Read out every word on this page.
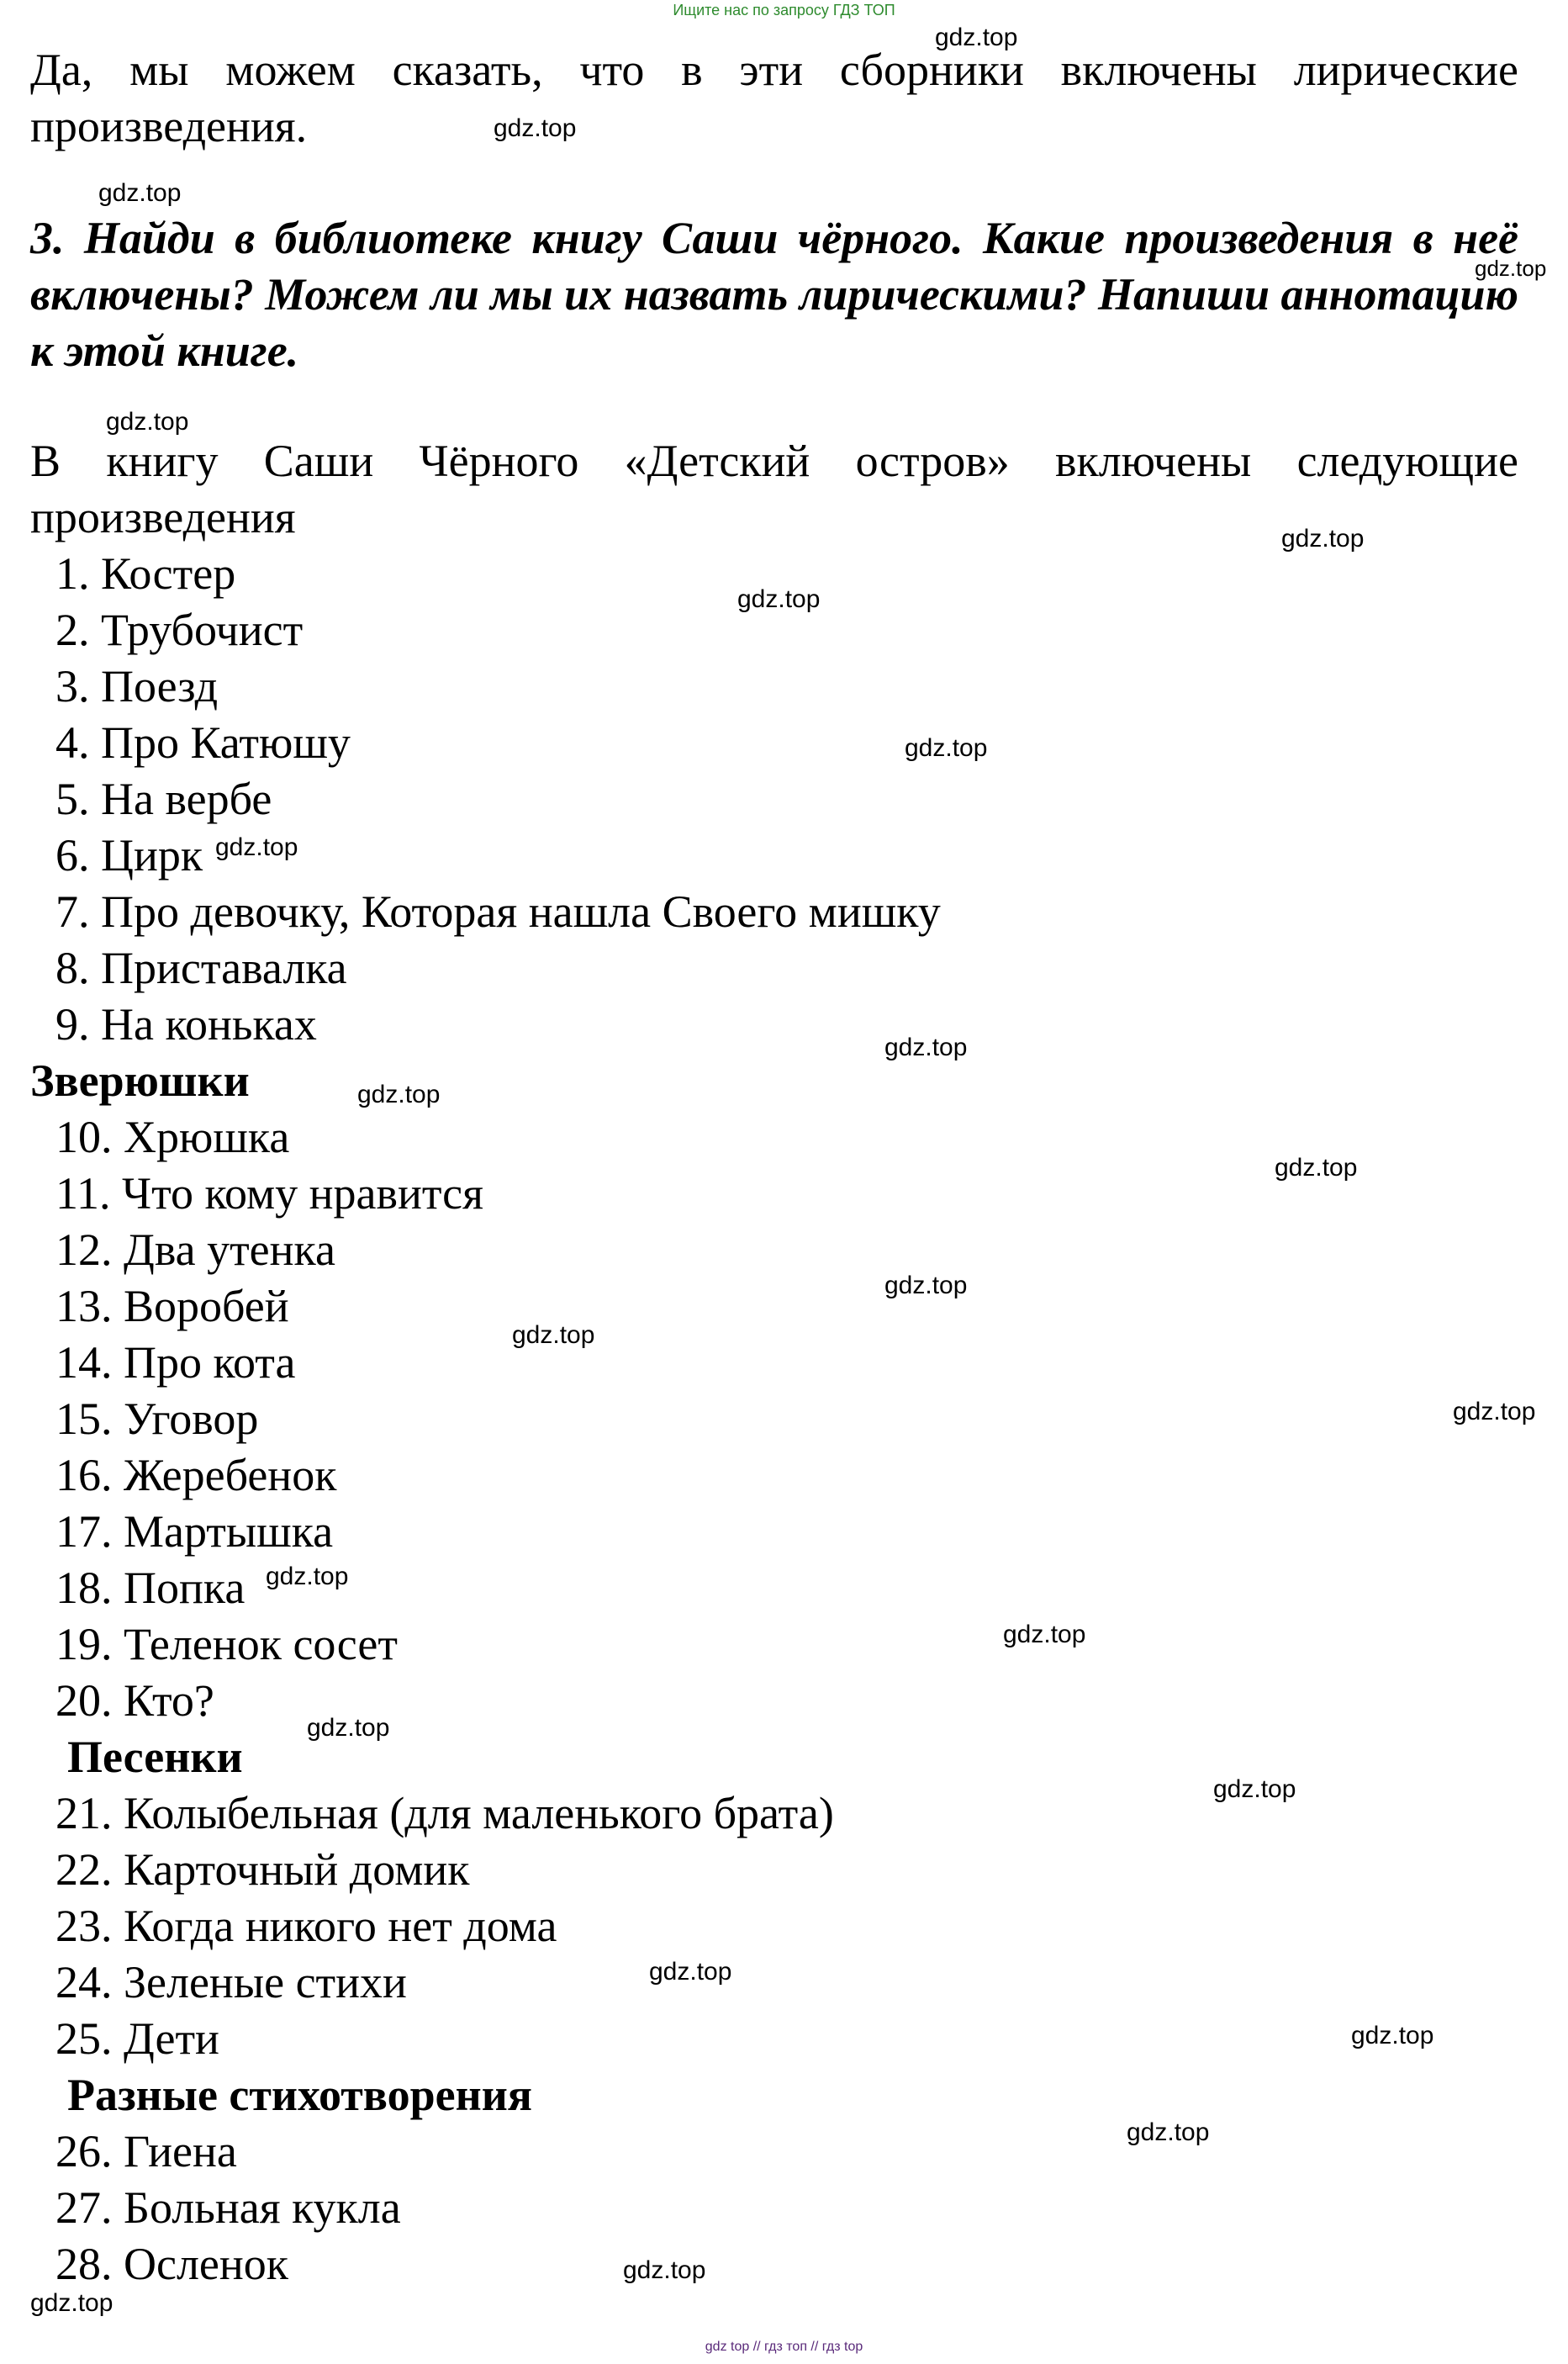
Ищите нас по запросу ГДЗ ТОП

Да, мы можем сказать, что в эти сборники включены лирические произведения.

3. Найди в библиотеке книгу Саши чёрного. Какие произведения в неё включены? Можем ли мы их назвать лирическими? Напиши аннотацию к этой книге.

В книгу Саши Чёрного «Детский остров» включены следующие произведения

1. Костер
2. Трубочист
3. Поезд
4. Про Катюшу
5. На вербе
6. Цирк
7. Про девочку, Которая нашла Своего мишку
8. Приставалка
9. На коньках
Зверюшки
10. Хрюшка
11. Что кому нравится
12. Два утенка
13. Воробей
14. Про кота
15. Уговор
16. Жеребенок
17. Мартышка
18. Попка
19. Теленок сосет
20. Кто?
Песенки
21. Колыбельная (для маленького брата)
22. Карточный домик
23. Когда никого нет дома
24. Зеленые стихи
25. Дети
Разные стихотворения
26. Гиена
27. Больная кукла
28. Осленок
gdz.top
gdz.top
gdz.top
gdz.top
gdz.top
gdz.top
gdz.top
gdz.top
gdz.top
gdz.top
gdz.top
gdz.top
gdz.top
gdz.top
gdz.top
gdz.top
gdz.top
gdz.top
gdz.top
gdz.top
gdz.top
gdz.top
gdz.top
gdz.top
gdz top // гдз топ // гдз top
